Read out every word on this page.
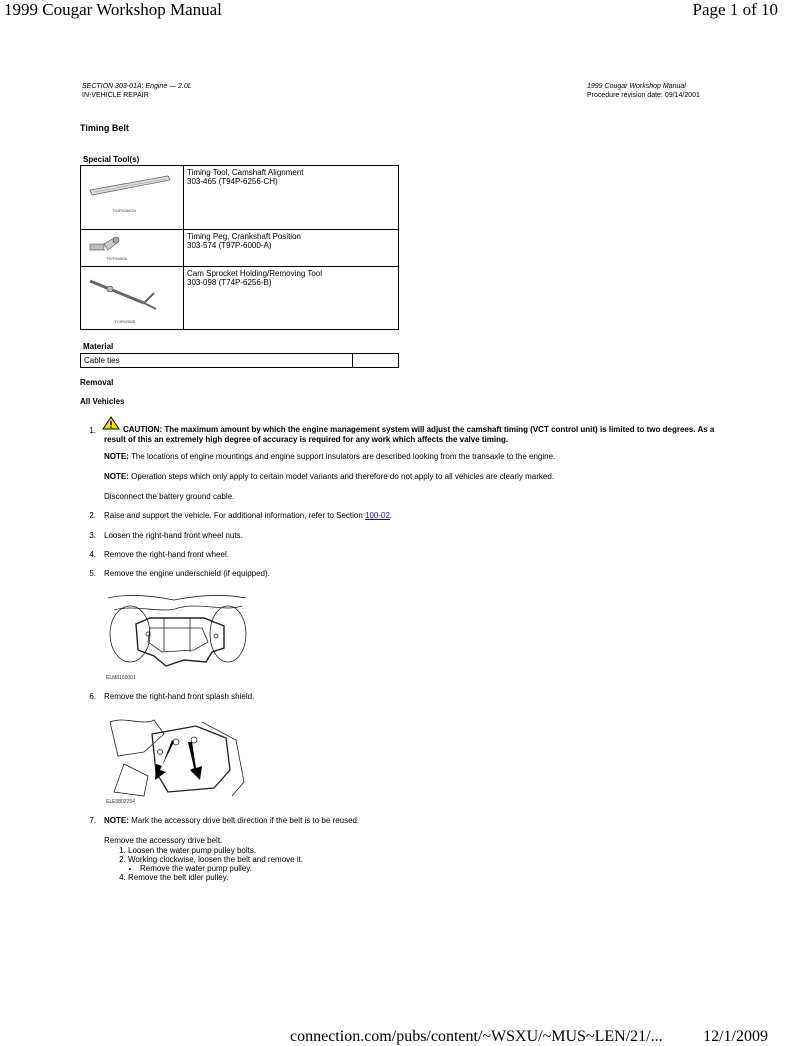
1999 Cougar Workshop Manual	Page 1 of 10
SECTION 303-01A: Engine — 2.0L
IN-VEHICLE REPAIR
1999 Cougar Workshop Manual
Procedure revision date: 09/14/2001
Timing Belt
Special Tool(s)
T94P6256CH	Timing Tool, Camshaft Alignment
303-465 (T94P-6256-CH)

T97P6000A	Timing Peg, Crankshaft Position
303-574 (T97P-6000-A)

T74P6256B	Cam Sprocket Holding/Removing Tool
303-098 (T74P-6256-B)
Material
Cable ties	
Removal
All Vehicles
1.	CAUTION: The maximum amount by which the engine management system will adjust the camshaft timing (VCT control unit) is limited to two degrees. As a result of this an extremely high degree of accuracy is required for any work which affects the valve timing.
NOTE: The locations of engine mountings and engine support insulators are described looking from the transaxle to the engine.
NOTE: Operation steps which only apply to certain model variants and therefore do not apply to all vehicles are clearly marked.
Disconnect the battery ground cable.
2. Raise and support the vehicle. For additional information, refer to Section 100-02.
3. Loosen the right-hand front wheel nuts.
4. Remove the right-hand front wheel.
5. Remove the engine underschield (if equipped).
ELM8160001
6. Remove the right-hand front splash shield.
ELE0802254
7. NOTE: Mark the accessory drive belt direction if the belt is to be reused.
Remove the accessory drive belt.
1. Loosen the water pump pulley bolts.
2. Working clockwise, loosen the belt and remove it.
• Remove the water pump pulley.
4. Remove the belt idler pulley.
connection.com/pubs/content/~WSXU/~MUS~LEN/21/...	12/1/2009
